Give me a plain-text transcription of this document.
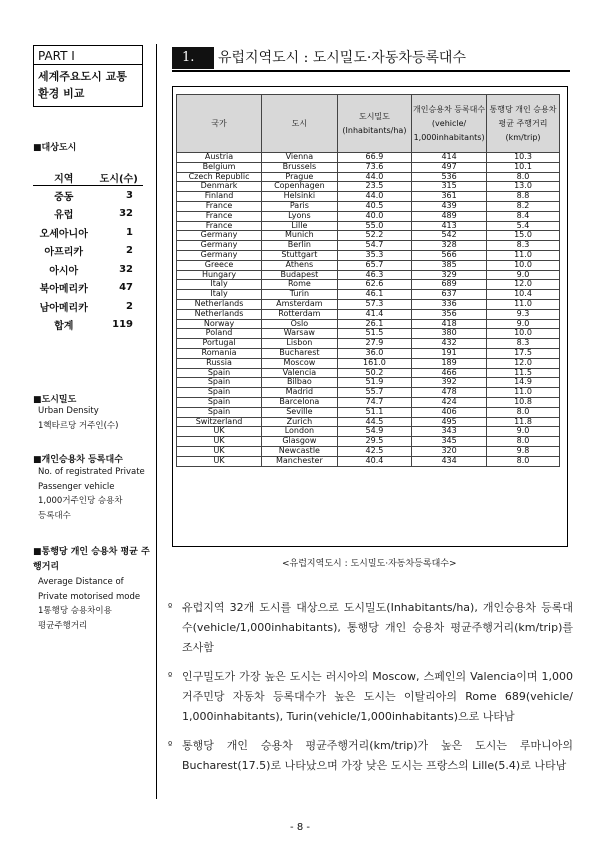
PART Ⅰ
세계주요도시 교통 환경 비교
■대상도시
지역	도시(수)
중동	3
유럽	32
오세아니아	1
아프리카	2
아시아	32
북아메리카	47
남아메리카	2
합계	119
■도시밀도
Urban Density
1헥타르당 거주인(수)
■개인승용차 등록대수
No. of registrated Private
Passenger vehicle
1,000거주인당 승용차
등록대수
■통행당 개인 승용차 평균 주행거리
Average Distance of
Private motorised mode
1통행당 승용차이용
평균주행거리
1.	유럽지역도시 : 도시밀도·자동차등록대수
국가	도시	도시밀도 (Inhabitants/ha)	개인승용차 등록대수 (vehicle/ 1,000inhabitants)	통행당 개인 승용차 평균 주행거리 (km/trip)
Austria	Vienna	66.9	414	10.3
Belgium	Brussels	73.6	497	10.1
Czech Republic	Prague	44.0	536	8.0
Denmark	Copenhagen	23.5	315	13.0
Finland	Helsinki	44.0	361	8.8
France	Paris	40.5	439	8.2
France	Lyons	40.0	489	8.4
France	Lille	55.0	413	5.4
Germany	Munich	52.2	542	15.0
Germany	Berlin	54.7	328	8.3
Germany	Stuttgart	35.3	566	11.0
Greece	Athens	65.7	385	10.0
Hungary	Budapest	46.3	329	9.0
Italy	Rome	62.6	689	12.0
Italy	Turin	46.1	637	10.4
Netherlands	Amsterdam	57.3	336	11.0
Netherlands	Rotterdam	41.4	356	9.3
Norway	Oslo	26.1	418	9.0
Poland	Warsaw	51.5	380	10.0
Portugal	Lisbon	27.9	432	8.3
Romania	Bucharest	36.0	191	17.5
Russia	Moscow	161.0	189	12.0
Spain	Valencia	50.2	466	11.5
Spain	Bilbao	51.9	392	14.9
Spain	Madrid	55.7	478	11.0
Spain	Barcelona	74.7	424	10.8
Spain	Seville	51.1	406	8.0
Switzerland	Zurich	44.5	495	11.8
UK	London	54.9	343	9.0
UK	Glasgow	29.5	345	8.0
UK	Newcastle	42.5	320	9.8
UK	Manchester	40.4	434	8.0
<유럽지역도시 : 도시밀도·자동차등록대수>
º 유럽지역 32개 도시를 대상으로 도시밀도(Inhabitants/ha), 개인승용차 등록대수(vehicle/1,000inhabitants), 통행당 개인 승용차 평균주행거리(km/trip)를 조사함
º 인구밀도가 가장 높은 도시는 러시아의 Moscow, 스페인의 Valencia이며 1,000거주민당 자동차 등록대수가 높은 도시는 이탈리아의 Rome 689(vehicle/ 1,000inhabitants), Turin(vehicle/1,000inhabitants)으로 나타남
º 통행당 개인 승용차 평균주행거리(km/trip)가 높은 도시는 루마니아의 Bucharest(17.5)로 나타났으며 가장 낮은 도시는 프랑스의 Lille(5.4)로 나타남
- 8 -
